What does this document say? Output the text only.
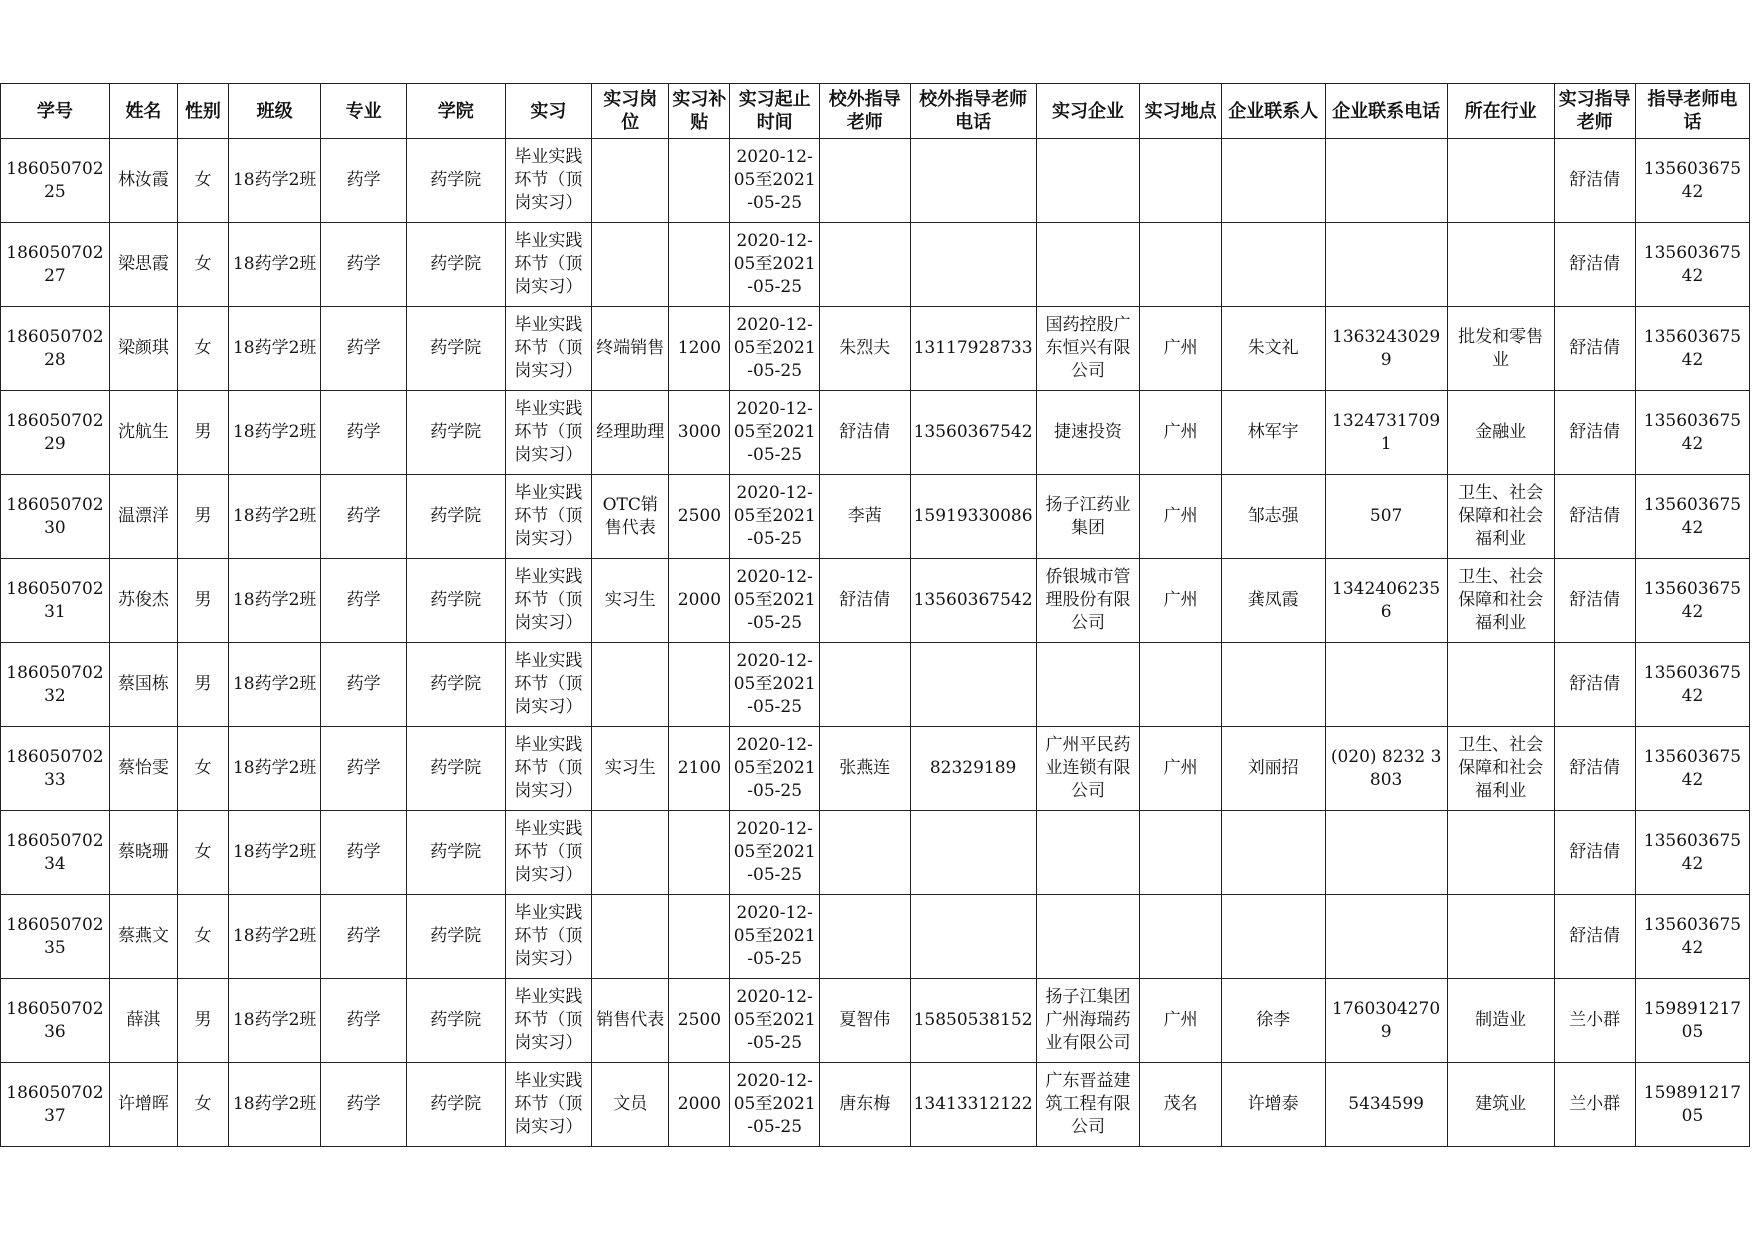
学号	姓名	性别	班级	专业	学院	实习	实习岗位	实习补贴	实习起止时间	校外指导老师	校外指导老师电话	实习企业	实习地点	企业联系人	企业联系电话	所在行业	实习指导老师	指导老师电话
18605070225	林汝霞	女	18药学2班	药学	药学院	毕业实践环节（顶岗实习）			2020-12-05至2021-05-25								舒洁倩	13560367542
18605070227	梁思霞	女	18药学2班	药学	药学院	毕业实践环节（顶岗实习）			2020-12-05至2021-05-25								舒洁倩	13560367542
18605070228	梁颜琪	女	18药学2班	药学	药学院	毕业实践环节（顶岗实习）	终端销售	1200	2020-12-05至2021-05-25	朱烈夫	13117928733	国药控股广东恒兴有限公司	广州	朱文礼	13632430299	批发和零售业	舒洁倩	13560367542
18605070229	沈航生	男	18药学2班	药学	药学院	毕业实践环节（顶岗实习）	经理助理	3000	2020-12-05至2021-05-25	舒洁倩	13560367542	捷速投资	广州	林军宇	13247317091	金融业	舒洁倩	13560367542
18605070230	温漂洋	男	18药学2班	药学	药学院	毕业实践环节（顶岗实习）	OTC销售代表	2500	2020-12-05至2021-05-25	李茜	15919330086	扬子江药业集团	广州	邹志强	507	卫生、社会保障和社会福利业	舒洁倩	13560367542
18605070231	苏俊杰	男	18药学2班	药学	药学院	毕业实践环节（顶岗实习）	实习生	2000	2020-12-05至2021-05-25	舒洁倩	13560367542	侨银城市管理股份有限公司	广州	龚凤霞	13424062356	卫生、社会保障和社会福利业	舒洁倩	13560367542
18605070232	蔡国栋	男	18药学2班	药学	药学院	毕业实践环节（顶岗实习）			2020-12-05至2021-05-25								舒洁倩	13560367542
18605070233	蔡怡雯	女	18药学2班	药学	药学院	毕业实践环节（顶岗实习）	实习生	2100	2020-12-05至2021-05-25	张燕连	82329189	广州平民药业连锁有限公司	广州	刘丽招	(020) 8232 3803	卫生、社会保障和社会福利业	舒洁倩	13560367542
18605070234	蔡晓珊	女	18药学2班	药学	药学院	毕业实践环节（顶岗实习）			2020-12-05至2021-05-25								舒洁倩	13560367542
18605070235	蔡燕文	女	18药学2班	药学	药学院	毕业实践环节（顶岗实习）			2020-12-05至2021-05-25								舒洁倩	13560367542
18605070236	薛淇	男	18药学2班	药学	药学院	毕业实践环节（顶岗实习）	销售代表	2500	2020-12-05至2021-05-25	夏智伟	15850538152	扬子江集团广州海瑞药业有限公司	广州	徐李	17603042709	制造业	兰小群	15989121705
18605070237	许增晖	女	18药学2班	药学	药学院	毕业实践环节（顶岗实习）	文员	2000	2020-12-05至2021-05-25	唐东梅	13413312122	广东晋益建筑工程有限公司	茂名	许增泰	5434599	建筑业	兰小群	15989121705
